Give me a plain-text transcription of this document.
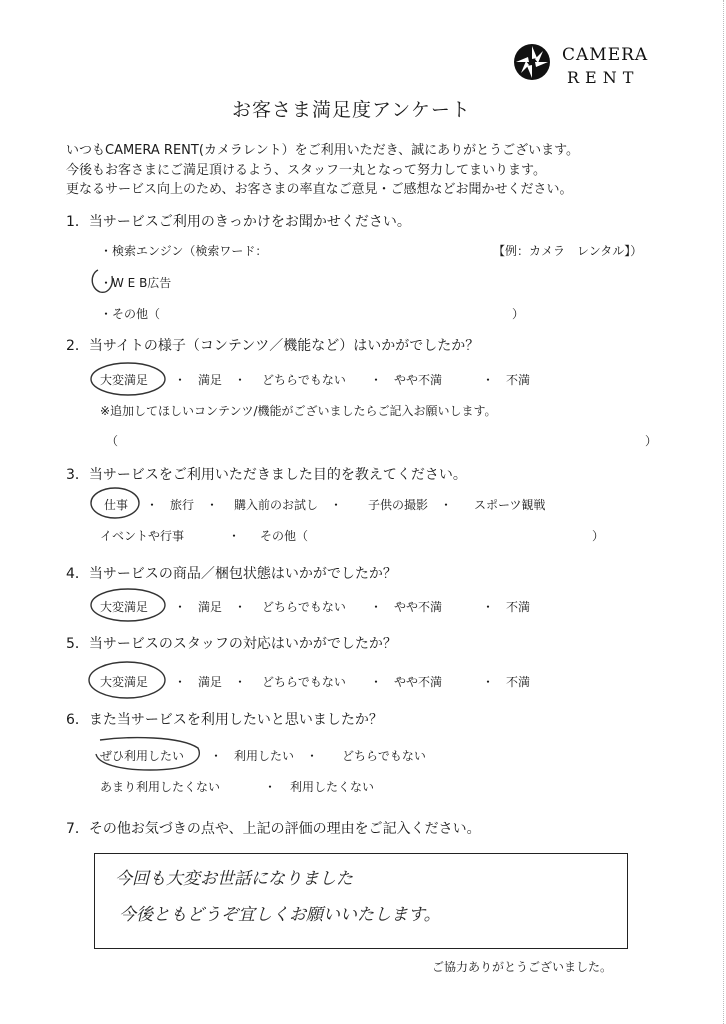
CAMERA
RENT
お客さま満足度アンケート
いつもCAMERA RENT(カメラレント）をご利用いただき、誠にありがとうございます。
今後もお客さまにご満足頂けるよう、スタッフ一丸となって努力してまいります。
更なるサービス向上のため、お客さまの率直なご意見・ご感想などお聞かせください。
1．当サービスご利用のきっかけをお聞かせください。
・検索エンジン（検索ワード：	【例：カメラ　レンタル】）
・W E B広告
・その他（	）
2．当サイトの様子（コンテンツ／機能など）はいかがでしたか？
大変満足 ・　満足　・ どちらでもない ・　やや不満	・　不満
※追加してほしいコンテンツ/機能がございましたらご記入お願いします。
（	）
3．当サービスをご利用いただきました目的を教えてください。
仕事 ・　旅行　・ 購入前のお試し　・ 子供の撮影　・ スポーツ観戦
イベントや行事	・ その他（	）
4．当サービスの商品／梱包状態はいかがでしたか？
大変満足 ・　満足　・ どちらでもない ・　やや不満	・　不満
5．当サービスのスタッフの対応はいかがでしたか？
大変満足 ・　満足　・ どちらでもない ・　やや不満	・　不満
6．また当サービスを利用したいと思いましたか？
ぜひ利用したい ・　利用したい　・ どちらでもない
あまり利用したくない	・ 利用したくない
7．その他お気づきの点や、上記の評価の理由をご記入ください。
今回も大変お世話になりました
今後ともどうぞ宜しくお願いいたします。
ご協力ありがとうございました。
